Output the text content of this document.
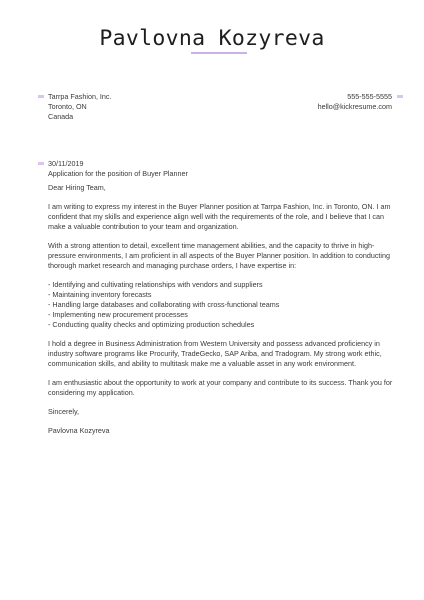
Pavlovna Kozyreva
Tarrpa Fashion, Inc.
Toronto, ON
Canada
555-555-5555
hello@kickresume.com
30/11/2019
Application for the position of Buyer Planner

Dear Hiring Team,

I am writing to express my interest in the Buyer Planner position at Tarrpa Fashion, Inc. in Toronto, ON. I am confident that my skills and experience align well with the requirements of the role, and I believe that I can make a valuable contribution to your team and organization.

With a strong attention to detail, excellent time management abilities, and the capacity to thrive in high-pressure environments, I am proficient in all aspects of the Buyer Planner position. In addition to conducting thorough market research and managing purchase orders, I have expertise in:

- Identifying and cultivating relationships with vendors and suppliers
- Maintaining inventory forecasts
- Handling large databases and collaborating with cross-functional teams
- Implementing new procurement processes
- Conducting quality checks and optimizing production schedules

I hold a degree in Business Administration from Western University and possess advanced proficiency in industry software programs like Procurify, TradeGecko, SAP Ariba, and Tradogram. My strong work ethic, communication skills, and ability to multitask make me a valuable asset in any work environment.

I am enthusiastic about the opportunity to work at your company and contribute to its success. Thank you for considering my application.

Sincerely,

Pavlovna Kozyreva
